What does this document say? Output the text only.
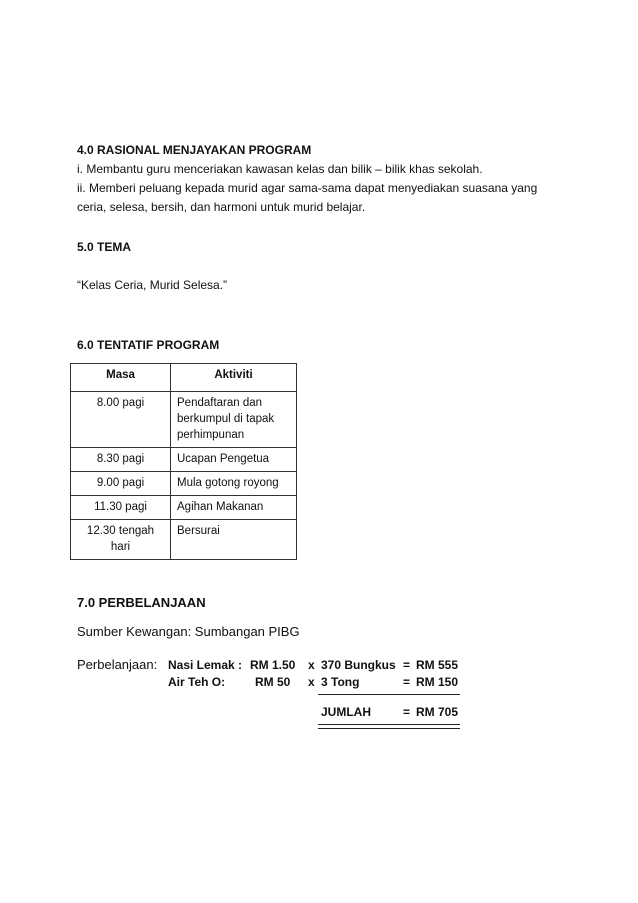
4.0 RASIONAL MENJAYAKAN PROGRAM
i. Membantu guru menceriakan kawasan kelas dan bilik – bilik khas sekolah.
ii. Memberi peluang kepada murid agar sama-sama dapat menyediakan suasana yang
ceria, selesa, bersih, dan harmoni untuk murid belajar.
5.0 TEMA
“Kelas Ceria, Murid Selesa.”
6.0 TENTATIF PROGRAM
Masa	Aktiviti
8.00 pagi	Pendaftaran dan berkumpul di tapak perhimpunan
8.30 pagi	Ucapan Pengetua
9.00 pagi	Mula gotong royong
11.30 pagi	Agihan Makanan
12.30 tengah hari	Bersurai
7.0 PERBELANJAAN
Sumber Kewangan: Sumbangan PIBG
Perbelanjaan: Nasi Lemak : RM 1.50 x 370 Bungkus = RM 555
Air Teh O: RM 50 x 3 Tong	= RM 150
JUMLAH	= RM 705
